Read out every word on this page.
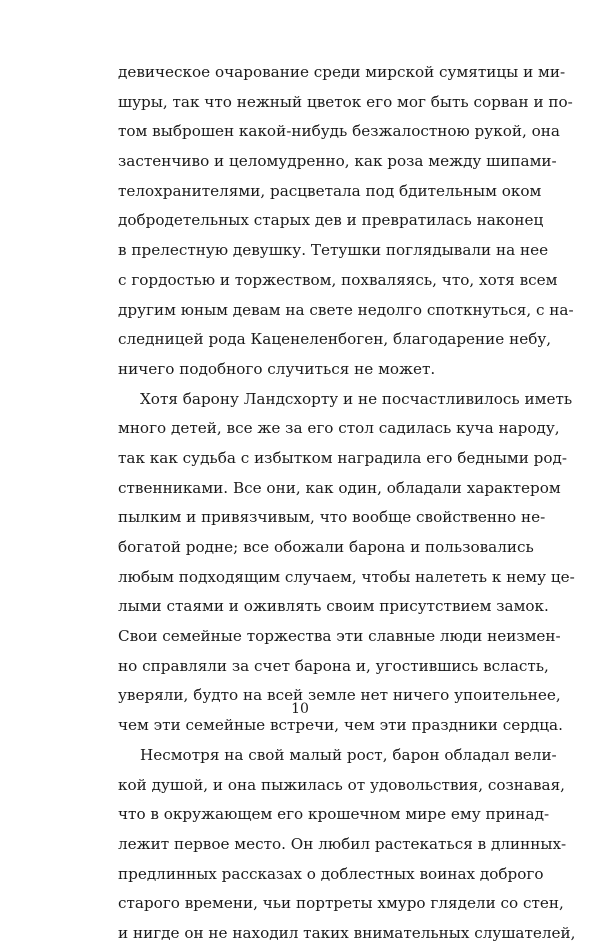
девическое очарование среди мирской сумятицы и ми-
шуры, так что нежный цветок его мог быть сорван и по-
том выброшен какой-нибудь безжалостною рукой, она
застенчиво и целомудренно, как роза между шипами-
телохранителями, расцветала под бдительным оком
добродетельных старых дев и превратилась наконец
в прелестную девушку. Тетушки поглядывали на нее
с гордостью и торжеством, похваляясь, что, хотя всем
другим юным девам на свете недолго споткнуться, с на-
следницей рода Каценеленбоген, благодарение небу,
ничего подобного случиться не может.
Хотя барону Ландсхорту и не посчастливилось иметь
много детей, все же за его стол садилась куча народу,
так как судьба с избытком наградила его бедными род-
ственниками. Все они, как один, обладали характером
пылким и привязчивым, что вообще свойственно не-
богатой родне; все обожали барона и пользовались
любым подходящим случаем, чтобы налететь к нему це-
лыми стаями и оживлять своим присутствием замок.
Свои семейные торжества эти славные люди неизмен-
но справляли за счет барона и, угостившись всласть,
уверяли, будто на всей земле нет ничего упоительнее,
чем эти семейные встречи, чем эти праздники сердца.
Несмотря на свой малый рост, барон обладал вели-
кой душой, и она пыжилась от удовольствия, сознавая,
что в окружающем его крошечном мире ему принад-
лежит первое место. Он любил растекаться в длинных-
предлинных рассказах о доблестных воинах доброго
старого времени, чьи портреты хмуро глядели со стен,
и нигде он не находил таких внимательных слушателей,
10
